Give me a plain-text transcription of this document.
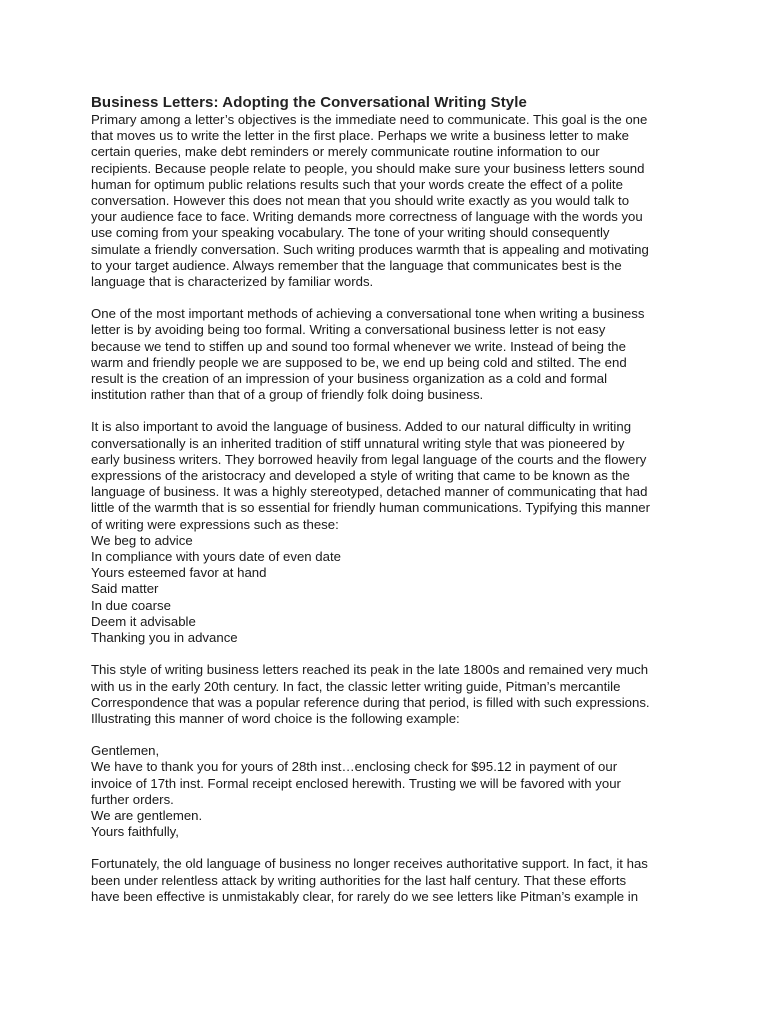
Business Letters: Adopting the Conversational Writing Style
Primary among a letter’s objectives is the immediate need to communicate. This goal is the one
that moves us to write the letter in the first place. Perhaps we write a business letter to make
certain queries, make debt reminders or merely communicate routine information to our
recipients. Because people relate to people, you should make sure your business letters sound
human for optimum public relations results such that your words create the effect of a polite
conversation. However this does not mean that you should write exactly as you would talk to
your audience face to face. Writing demands more correctness of language with the words you
use coming from your speaking vocabulary. The tone of your writing should consequently
simulate a friendly conversation. Such writing produces warmth that is appealing and motivating
to your target audience. Always remember that the language that communicates best is the
language that is characterized by familiar words.
One of the most important methods of achieving a conversational tone when writing a business
letter is by avoiding being too formal. Writing a conversational business letter is not easy
because we tend to stiffen up and sound too formal whenever we write. Instead of being the
warm and friendly people we are supposed to be, we end up being cold and stilted. The end
result is the creation of an impression of your business organization as a cold and formal
institution rather than that of a group of friendly folk doing business.
It is also important to avoid the language of business. Added to our natural difficulty in writing
conversationally is an inherited tradition of stiff unnatural writing style that was pioneered by
early business writers. They borrowed heavily from legal language of the courts and the flowery
expressions of the aristocracy and developed a style of writing that came to be known as the
language of business. It was a highly stereotyped, detached manner of communicating that had
little of the warmth that is so essential for friendly human communications. Typifying this manner
of writing were expressions such as these:
We beg to advice
In compliance with yours date of even date
Yours esteemed favor at hand
Said matter
In due coarse
Deem it advisable
Thanking you in advance
This style of writing business letters reached its peak in the late 1800s and remained very much
with us in the early 20th century. In fact, the classic letter writing guide, Pitman’s mercantile
Correspondence that was a popular reference during that period, is filled with such expressions.
Illustrating this manner of word choice is the following example:
Gentlemen,
We have to thank you for yours of 28th inst…enclosing check for $95.12 in payment of our
invoice of 17th inst. Formal receipt enclosed herewith. Trusting we will be favored with your
further orders.
We are gentlemen.
Yours faithfully,
Fortunately, the old language of business no longer receives authoritative support. In fact, it has
been under relentless attack by writing authorities for the last half century. That these efforts
have been effective is unmistakably clear, for rarely do we see letters like Pitman’s example in
